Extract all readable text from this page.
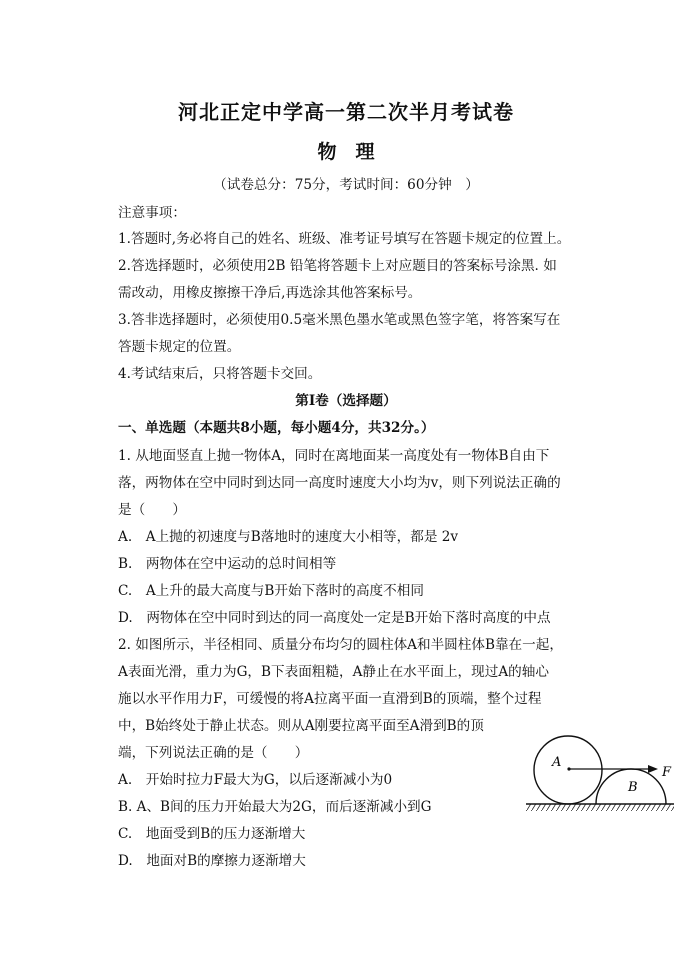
河北正定中学高一第二次半月考试卷
物　理
（试卷总分：75分，考试时间：60分钟　）
注意事项：
1.答题时,务必将自己的姓名、班级、准考证号填写在答题卡规定的位置上。
2.答选择题时，必须使用2B 铅笔将答题卡上对应题目的答案标号涂黑. 如
需改动，用橡皮擦擦干净后,再选涂其他答案标号。
3.答非选择题时，必须使用0.5毫米黑色墨水笔或黑色签字笔，将答案写在
答题卡规定的位置。
4.考试结束后，只将答题卡交回。
第I卷（选择题）
一、单选题（本题共8小题，每小题4分，共32分。）
1. 从地面竖直上抛一物体A，同时在离地面某一高度处有一物体B自由下
落，两物体在空中同时到达同一高度时速度大小均为v，则下列说法正确的
是（　　）
A.　A上抛的初速度与B落地时的速度大小相等，都是 2v
B.　两物体在空中运动的总时间相等
C.　A上升的最大高度与B开始下落时的高度不相同
D.　两物体在空中同时到达的同一高度处一定是B开始下落时高度的中点
2. 如图所示，半径相同、质量分布均匀的圆柱体A和半圆柱体B靠在一起，
A表面光滑，重力为G，B下表面粗糙，A静止在水平面上，现过A的轴心
施以水平作用力F，可缓慢的将A拉离平面一直滑到B的顶端，整个过程
中，B始终处于静止状态。则从A刚要拉离平面至A滑到B的顶
端，下列说法正确的是（　　）
A.　开始时拉力F最大为G，以后逐渐减小为0
B. A、B间的压力开始最大为2G，而后逐渐减小到G
C.　地面受到B的压力逐渐增大
D.　地面对B的摩擦力逐渐增大
A
B
F
